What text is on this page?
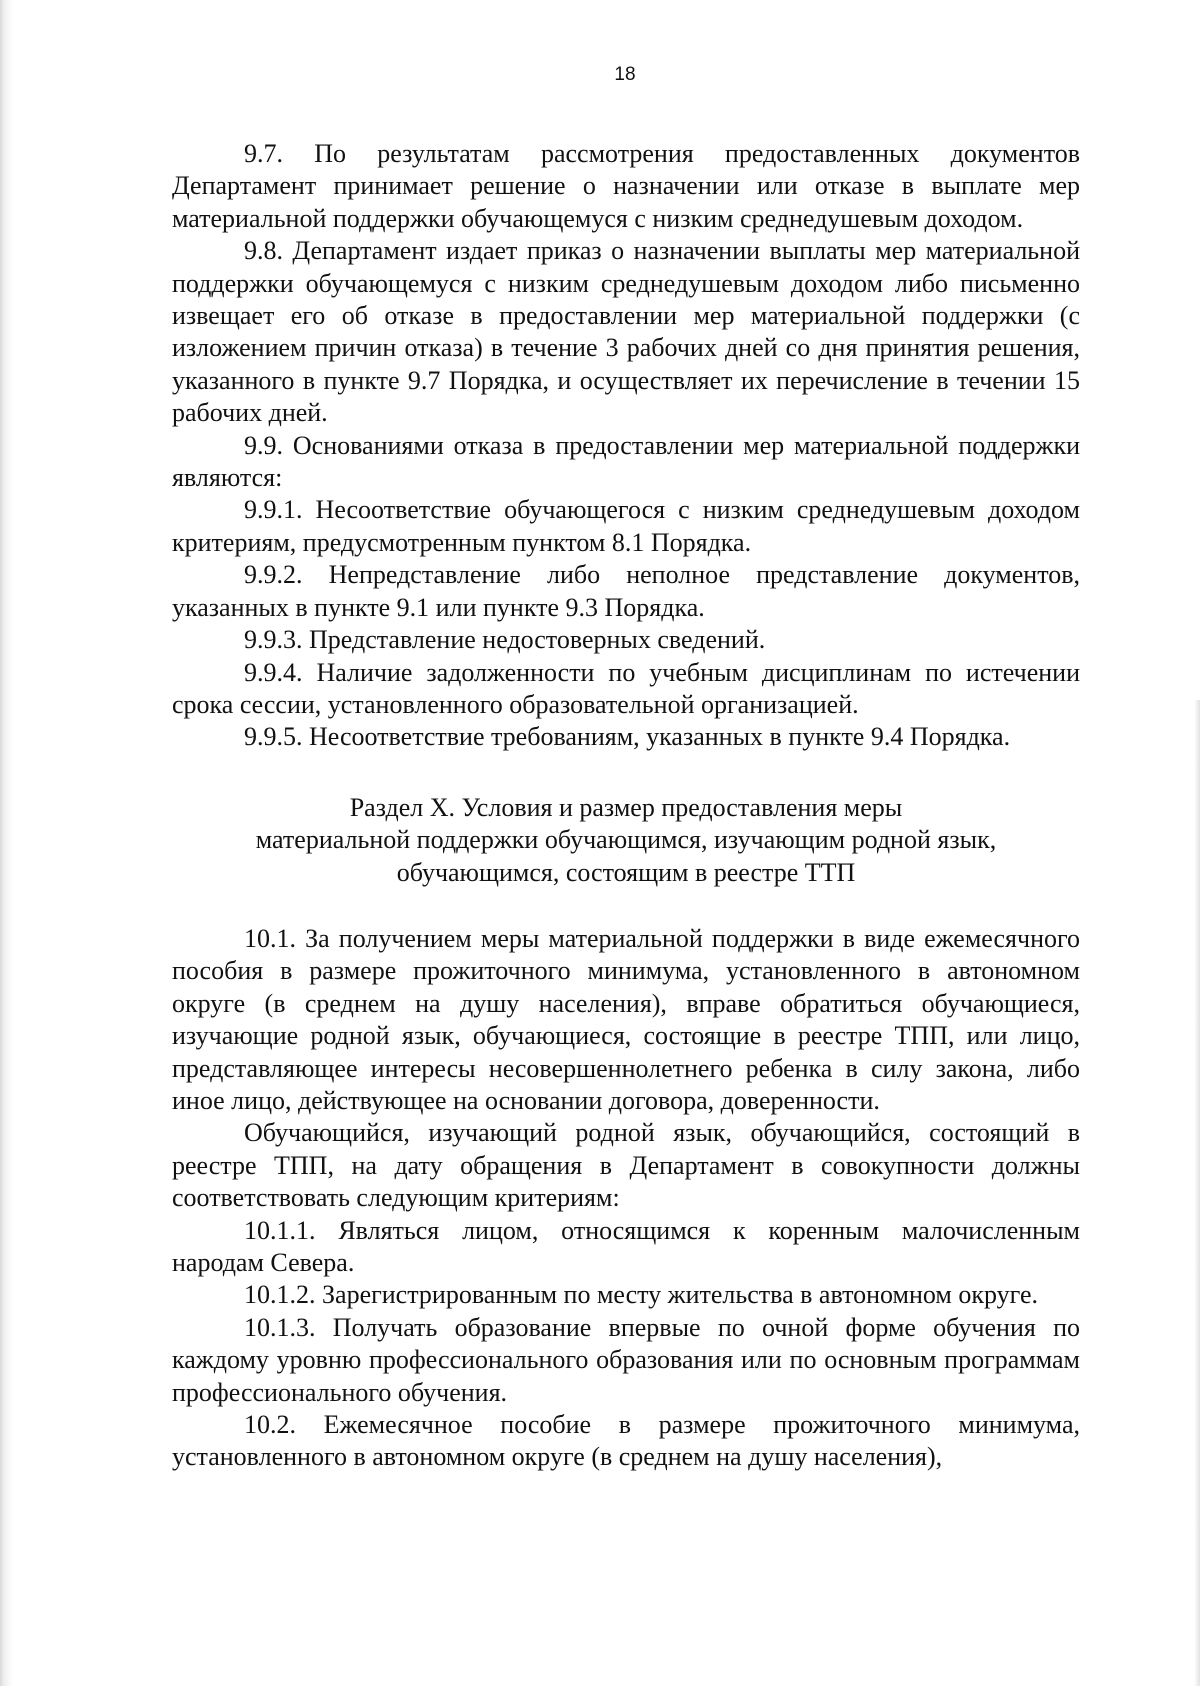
18

9.7. По результатам рассмотрения предоставленных документов Департамент принимает решение о назначении или отказе в выплате мер материальной поддержки обучающемуся с низким среднедушевым доходом.

9.8. Департамент издает приказ о назначении выплаты мер материальной поддержки обучающемуся с низким среднедушевым доходом либо письменно извещает его об отказе в предоставлении мер материальной поддержки (с изложением причин отказа) в течение 3 рабочих дней со дня принятия решения, указанного в пункте 9.7 Порядка, и осуществляет их перечисление в течении 15 рабочих дней.

9.9. Основаниями отказа в предоставлении мер материальной поддержки являются:

9.9.1. Несоответствие обучающегося с низким среднедушевым доходом критериям, предусмотренным пунктом 8.1 Порядка.

9.9.2. Непредставление либо неполное представление документов, указанных в пункте 9.1 или пункте 9.3 Порядка.

9.9.3. Представление недостоверных сведений.

9.9.4. Наличие задолженности по учебным дисциплинам по истечении срока сессии, установленного образовательной организацией.

9.9.5. Несоответствие требованиям, указанных в пункте 9.4 Порядка.

Раздел X. Условия и размер предоставления меры
материальной поддержки обучающимся, изучающим родной язык,
обучающимся, состоящим в реестре ТТП

10.1. За получением меры материальной поддержки в виде ежемесячного пособия в размере прожиточного минимума, установленного в автономном округе (в среднем на душу населения), вправе обратиться обучающиеся, изучающие родной язык, обучающиеся, состоящие в реестре ТПП, или лицо, представляющее интересы несовершеннолетнего ребенка в силу закона, либо иное лицо, действующее на основании договора, доверенности.

Обучающийся, изучающий родной язык, обучающийся, состоящий в реестре ТПП, на дату обращения в Департамент в совокупности должны соответствовать следующим критериям:

10.1.1. Являться лицом, относящимся к коренным малочисленным народам Севера.

10.1.2. Зарегистрированным по месту жительства в автономном округе.

10.1.3. Получать образование впервые по очной форме обучения по каждому уровню профессионального образования или по основным программам профессионального обучения.

10.2. Ежемесячное пособие в размере прожиточного минимума, установленного в автономном округе (в среднем на душу населения),
